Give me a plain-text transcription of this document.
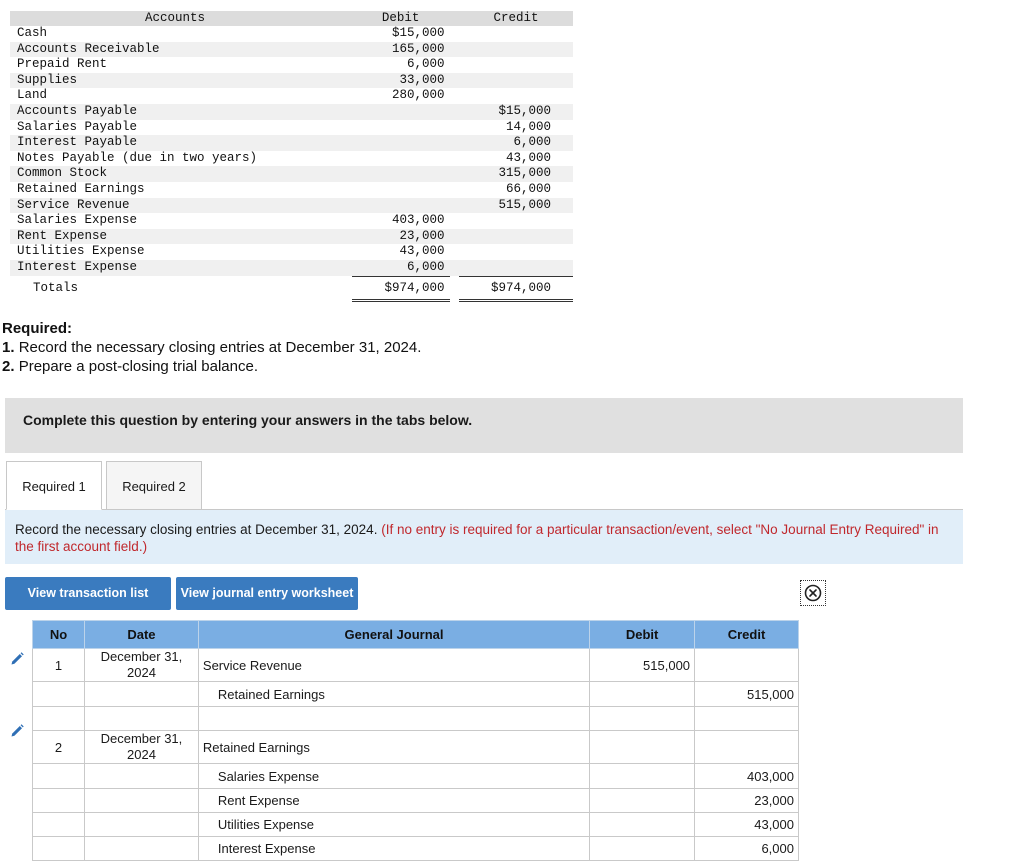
Accounts	Debit		Credit
Cash	$15,000		
Accounts Receivable	165,000		
Prepaid Rent	6,000		
Supplies	33,000		
Land	280,000		
Accounts Payable			$15,000
Salaries Payable			14,000
Interest Payable			6,000
Notes Payable (due in two years)			43,000
Common Stock			315,000
Retained Earnings			66,000
Service Revenue			515,000
Salaries Expense	403,000		
Rent Expense	23,000		
Utilities Expense	43,000		
Interest Expense	6,000		
Totals	$974,000		$974,000
Required:
1. Record the necessary closing entries at December 31, 2024.
2. Prepare a post-closing trial balance.
Complete this question by entering your answers in the tabs below.
Required 1	Required 2
Record the necessary closing entries at December 31, 2024. (If no entry is required for a particular transaction/event, select "No Journal Entry Required" in the first account field.)
View transaction list	View journal entry worksheet
No	Date	General Journal	Debit	Credit
1	December 31, 2024	Service Revenue	515,000	
		Retained Earnings		515,000

2	December 31, 2024	Retained Earnings		
		Salaries Expense		403,000
		Rent Expense		23,000
		Utilities Expense		43,000
		Interest Expense		6,000
